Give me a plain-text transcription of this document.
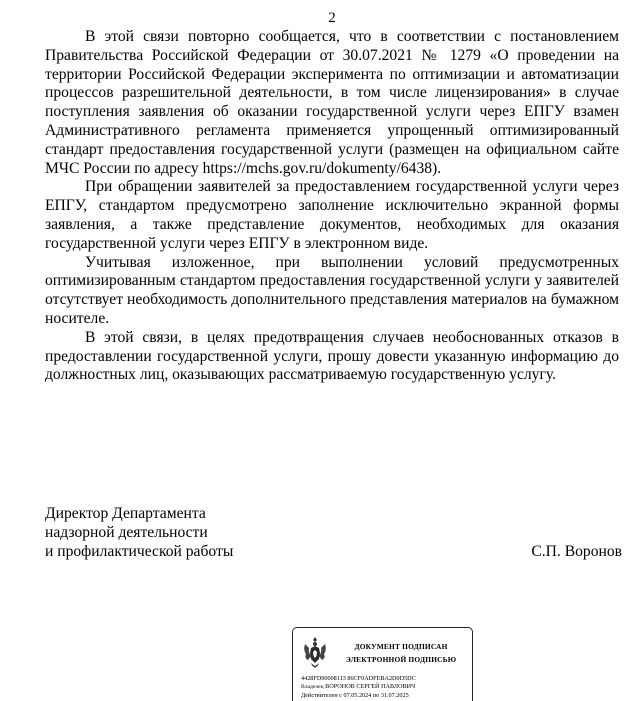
2

В этой связи повторно сообщается, что в соответствии с постановлением Правительства Российской Федерации от 30.07.2021 № 1279 «О проведении на территории Российской Федерации эксперимента по оптимизации и автоматизации процессов разрешительной деятельности, в том числе лицензирования» в случае поступления заявления об оказании государственной услуги через ЕПГУ взамен Административного регламента применяется упрощенный оптимизированный стандарт предоставления государственной услуги (размещен на официальном сайте МЧС России по адресу https://mchs.gov.ru/dokumenty/6438).

При обращении заявителей за предоставлением государственной услуги через ЕПГУ, стандартом предусмотрено заполнение исключительно экранной формы заявления, а также представление документов, необходимых для оказания государственной услуги через ЕПГУ в электронном виде.

Учитывая изложенное, при выполнении условий предусмотренных оптимизированным стандартом предоставления государственной услуги у заявителей отсутствует необходимость дополнительного представления материалов на бумажном носителе.

В этой связи, в целях предотвращения случаев необоснованных отказов в предоставлении государственной услуги, прошу довести указанную информацию до должностных лиц, оказывающих рассматриваемую государственную услугу.

Директор Департамента
надзорной деятельности
и профилактической работы	С.П. Воронов
ДОКУМЕНТ ПОДПИСАН
ЭЛЕКТРОННОЙ ПОДПИСЬЮ
4428FD90008113 86CF0ADFEBA2D0D5DC
Владелец ВОРОНОВ СЕРГЕЙ ПАВЛОВИЧ
Действителен с 07.05.2024 по 31.07.2025
